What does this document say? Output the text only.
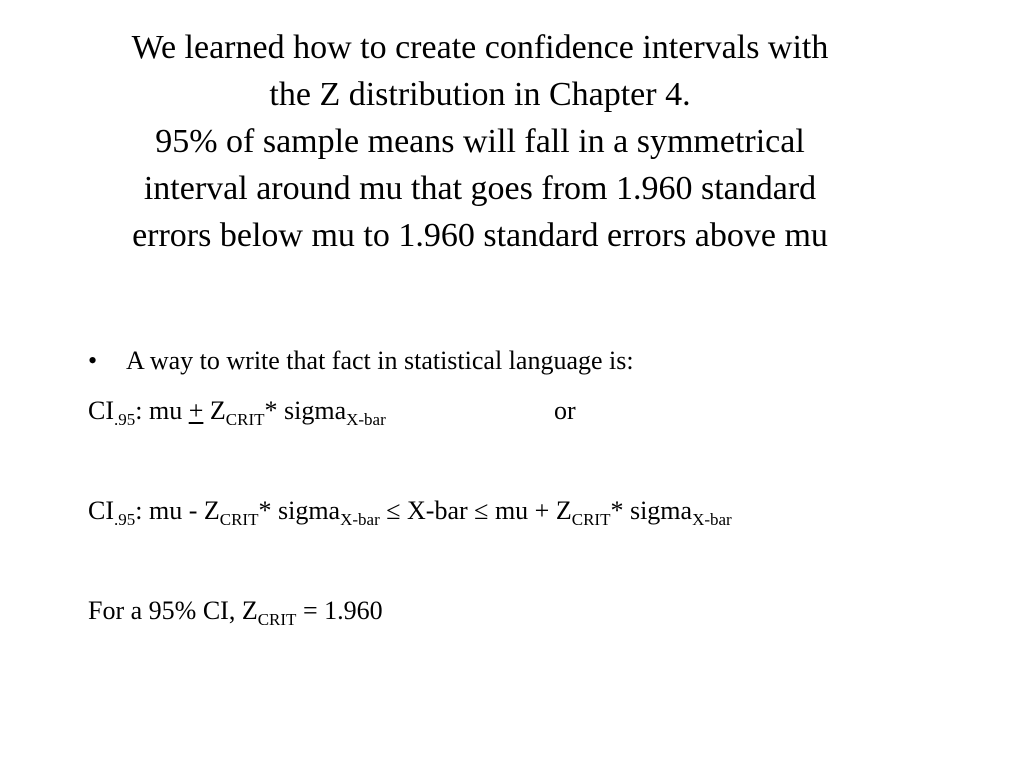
We learned how to create confidence intervals with
the Z distribution in Chapter 4.
95% of sample means will fall in a symmetrical
interval around mu that goes from 1.960 standard
errors below mu to 1.960 standard errors above mu
• A way to write that fact in statistical language is:
$CI_{.95}$: mu + $Z_{CRIT}*$ sigma$_{X-bar}$	or
$CI_{.95}$: mu - $Z_{CRIT}*$ sigma$_{X-bar}$ ≤ X-bar ≤ mu + $Z_{CRIT}*$ sigma$_{X-bar}$
For a 95% CI, $Z_{CRIT} = 1.960$
